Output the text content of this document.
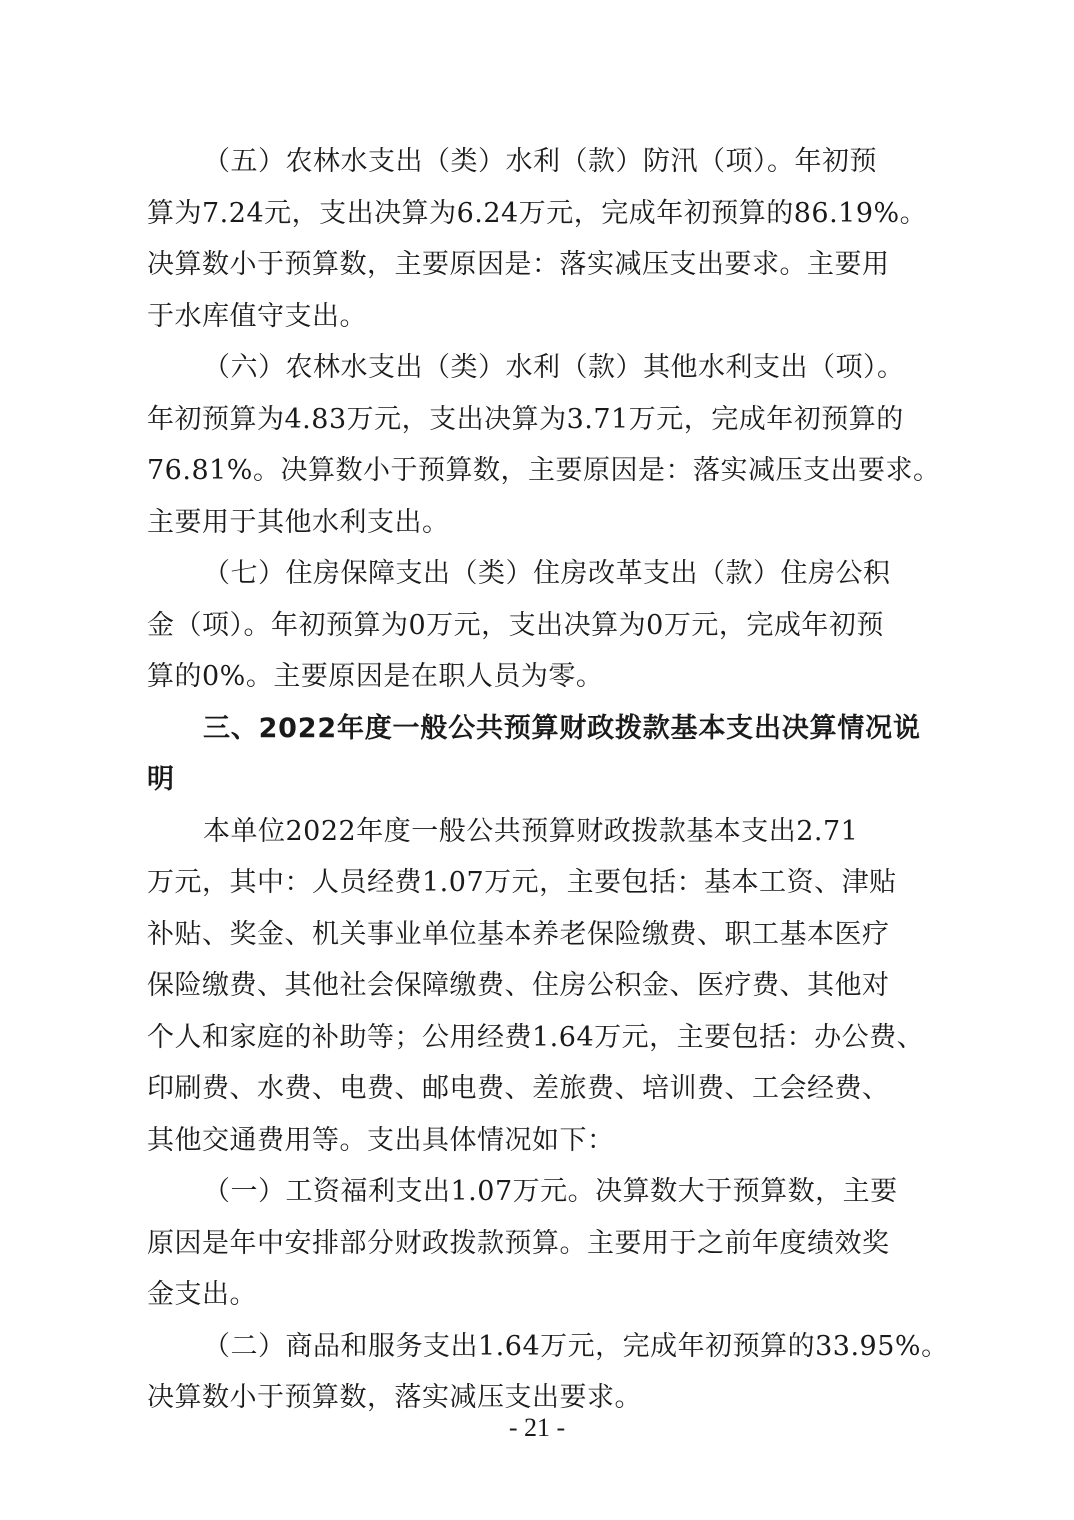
（五）农林水支出（类）水利（款）防汛（项）。年初预
算为7.24元，支出决算为6.24万元，完成年初预算的86.19%。
决算数小于预算数，主要原因是：落实减压支出要求。主要用
于水库值守支出。
（六）农林水支出（类）水利（款）其他水利支出（项）。
年初预算为4.83万元，支出决算为3.71万元，完成年初预算的
76.81%。决算数小于预算数，主要原因是：落实减压支出要求。
主要用于其他水利支出。
（七）住房保障支出（类）住房改革支出（款）住房公积
金（项）。年初预算为0万元，支出决算为0万元，完成年初预
算的0%。主要原因是在职人员为零。
三、2022年度一般公共预算财政拨款基本支出决算情况说
明
本单位2022年度一般公共预算财政拨款基本支出2.71
万元，其中：人员经费1.07万元，主要包括：基本工资、津贴
补贴、奖金、机关事业单位基本养老保险缴费、职工基本医疗
保险缴费、其他社会保障缴费、住房公积金、医疗费、其他对
个人和家庭的补助等；公用经费1.64万元，主要包括：办公费、
印刷费、水费、电费、邮电费、差旅费、培训费、工会经费、
其他交通费用等。支出具体情况如下：
（一）工资福利支出1.07万元。决算数大于预算数，主要
原因是年中安排部分财政拨款预算。主要用于之前年度绩效奖
金支出。
（二）商品和服务支出1.64万元，完成年初预算的33.95%。
决算数小于预算数，落实减压支出要求。
- 21 -
